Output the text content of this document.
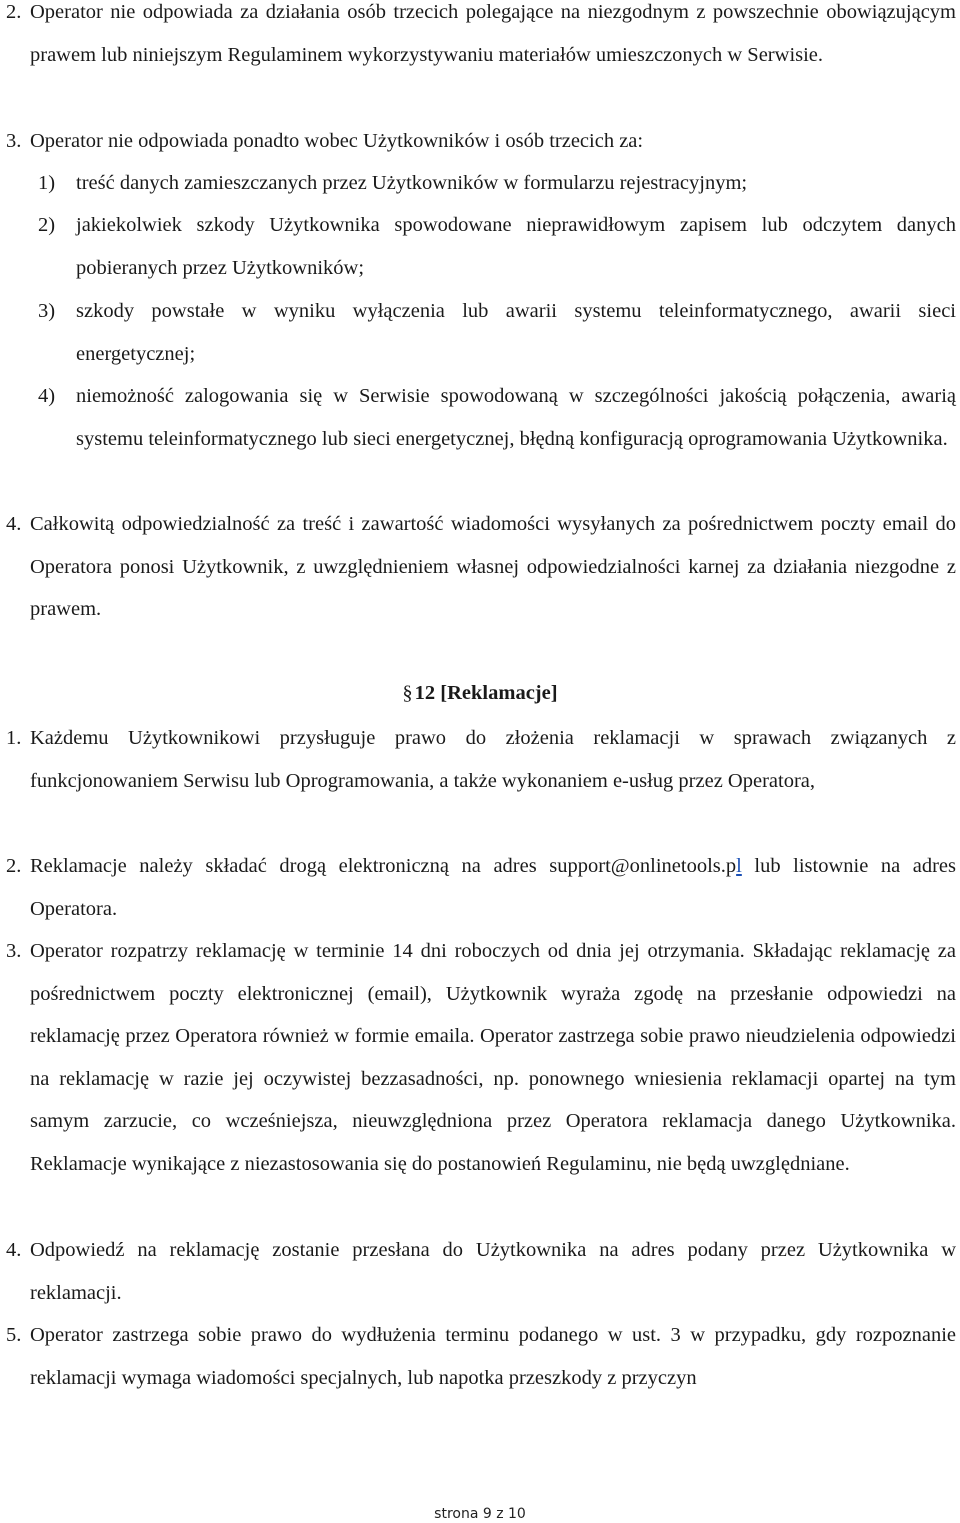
2. Operator nie odpowiada za działania osób trzecich polegające na niezgodnym z powszechnie obowiązującym prawem lub niniejszym Regulaminem wykorzystywaniu materiałów umieszczonych w Serwisie.
3. Operator nie odpowiada ponadto wobec Użytkowników i osób trzecich za:
1) treść danych zamieszczanych przez Użytkowników w formularzu rejestracyjnym;
2) jakiekolwiek szkody Użytkownika spowodowane nieprawidłowym zapisem lub odczytem danych pobieranych przez Użytkowników;
3) szkody powstałe w wyniku wyłączenia lub awarii systemu teleinformatycznego, awarii sieci energetycznej;
4) niemożność zalogowania się w Serwisie spowodowaną w szczególności jakością połączenia, awarią systemu teleinformatycznego lub sieci energetycznej, błędną konfiguracją oprogramowania Użytkownika.
4. Całkowitą odpowiedzialność za treść i zawartość wiadomości wysyłanych za pośrednictwem poczty email do Operatora ponosi Użytkownik, z uwzględnieniem własnej odpowiedzialności karnej za działania niezgodne z prawem.
§12 [Reklamacje]
1. Każdemu Użytkownikowi przysługuje prawo do złożenia reklamacji w sprawach związanych z funkcjonowaniem Serwisu lub Oprogramowania, a także wykonaniem e-usług przez Operatora,
2. Reklamacje należy składać drogą elektroniczną na adres support@onlinetools.pl lub listownie na adres Operatora.
3. Operator rozpatrzy reklamację w terminie 14 dni roboczych od dnia jej otrzymania. Składając reklamację za pośrednictwem poczty elektronicznej (email), Użytkownik wyraża zgodę na przesłanie odpowiedzi na reklamację przez Operatora również w formie emaila. Operator zastrzega sobie prawo nieudzielenia odpowiedzi na reklamację w razie jej oczywistej bezzasadności, np. ponownego wniesienia reklamacji opartej na tym samym zarzucie, co wcześniejsza, nieuwzględniona przez Operatora reklamacja danego Użytkownika. Reklamacje wynikające z niezastosowania się do postanowień Regulaminu, nie będą uwzględniane.
4. Odpowiedź na reklamację zostanie przesłana do Użytkownika na adres podany przez Użytkownika w reklamacji.
5. Operator zastrzega sobie prawo do wydłużenia terminu podanego w ust. 3 w przypadku, gdy rozpoznanie reklamacji wymaga wiadomości specjalnych, lub napotka przeszkody z przyczyn
strona 9 z 10
